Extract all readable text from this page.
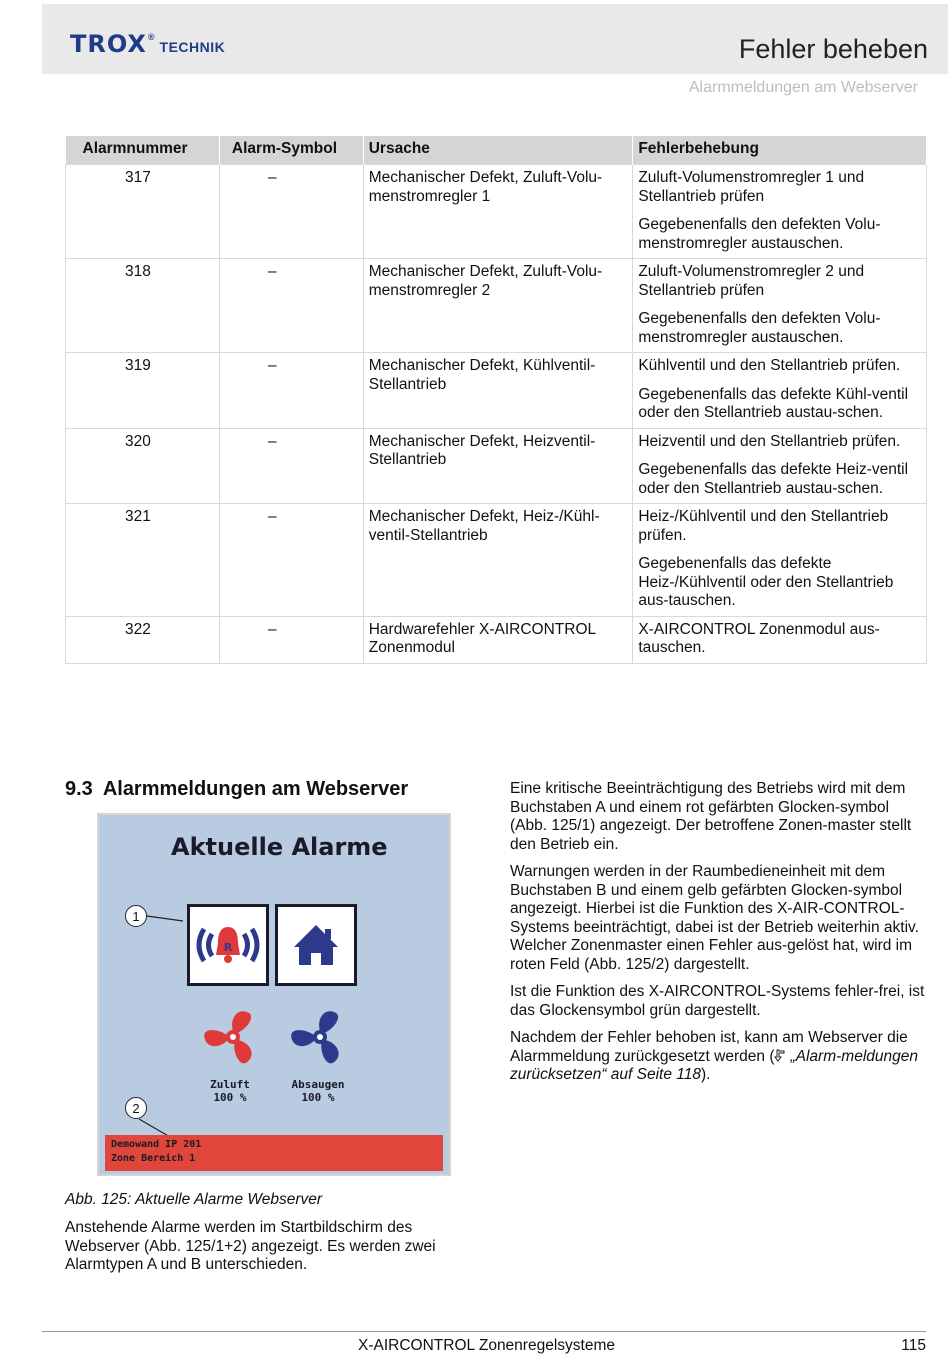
TROX ®
TECHNIK	Fehler beheben
Alarmmeldungen am Webserver
Alarmnummer	Alarm-Symbol	Ursache	Fehlerbehebung
317	–	Mechanischer Defekt, Zuluft-Volu-menstromregler 1	Zuluft-Volumenstromregler 1 und Stellantrieb prüfen

Gegebenenfalls den defekten Volu-menstromregler austauschen.

318	–	Mechanischer Defekt, Zuluft-Volu-menstromregler 2	Zuluft-Volumenstromregler 2 und Stellantrieb prüfen

Gegebenenfalls den defekten Volu-menstromregler austauschen.

319	–	Mechanischer Defekt, Kühlventil-Stellantrieb	Kühlventil und den Stellantrieb prüfen.

Gegebenenfalls das defekte Kühl-ventil oder den Stellantrieb austau-schen.

320	–	Mechanischer Defekt, Heizventil-Stellantrieb	Heizventil und den Stellantrieb prüfen.

Gegebenenfalls das defekte Heiz-ventil oder den Stellantrieb austau-schen.

321	–	Mechanischer Defekt, Heiz-/Kühl-ventil-Stellantrieb	Heiz-/Kühlventil und den Stellantrieb prüfen.

Gegebenenfalls das defekte Heiz-/Kühlventil oder den Stellantrieb aus-tauschen.

322	–	Hardwarefehler X-AIRCONTROL Zonenmodul	X-AIRCONTROL Zonenmodul aus-tauschen.

9.3 Alarmmeldungen am Webserver
Aktuelle Alarme
R
Zuluft
100 %
Absaugen
100 %
1
2
Demowand IP 201
Zone Bereich 1
Abb. 125: Aktuelle Alarme Webserver
Anstehende Alarme werden im Startbildschirm des Webserver (Abb. 125/1+2) angezeigt. Es werden zwei Alarmtypen A und B unterschieden.

Eine kritische Beeinträchtigung des Betriebs wird mit dem Buchstaben A und einem rot gefärbten Glocken-symbol (Abb. 125/1) angezeigt. Der betroffene Zonen-master stellt den Betrieb ein.

Warnungen werden in der Raumbedieneinheit mit dem Buchstaben B und einem gelb gefärbten Glocken-symbol angezeigt. Hierbei ist die Funktion des X-AIR-CONTROL-Systems beeinträchtigt, dabei ist der Betrieb weiterhin aktiv. Welcher Zonenmaster einen Fehler aus-gelöst hat, wird im roten Feld (Abb. 125/2) dargestellt.

Ist die Funktion des X-AIRCONTROL-Systems fehler-frei, ist das Glockensymbol grün dargestellt.

Nachdem der Fehler behoben ist, kann am Webserver die Alarmmeldung zurückgesetzt werden ( „Alarm-meldungen zurücksetzen“ auf Seite 118).

X-AIRCONTROL Zonenregelsysteme	115
